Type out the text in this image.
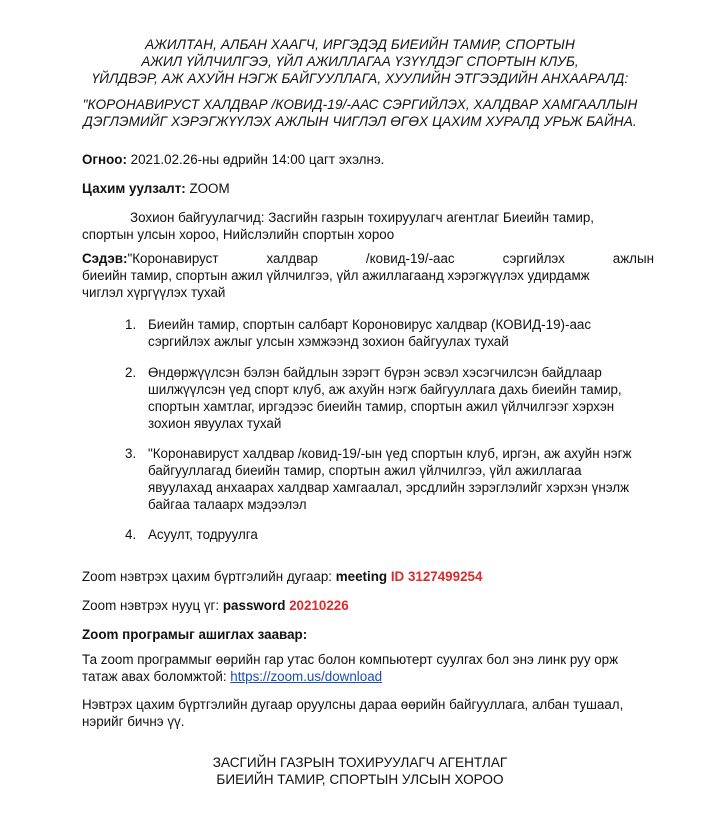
АЖИЛТАН, АЛБАН ХААГЧ, ИРГЭДЭД БИЕИЙН ТАМИР, СПОРТЫН
АЖИЛ ҮЙЛЧИЛГЭЭ, ҮЙЛ АЖИЛЛАГАА ҮЗҮҮЛДЭГ СПОРТЫН КЛУБ,
ҮЙЛДВЭР, АЖ АХУЙН НЭГЖ БАЙГУУЛЛАГА, ХУУЛИЙН ЭТГЭЭДИЙН АНХААРАЛД:
"КОРОНАВИРУСТ ХАЛДВАР /КОВИД-19/-ААС СЭРГИЙЛЭХ, ХАЛДВАР ХАМГААЛЛЫН
ДЭГЛЭМИЙГ ХЭРЭГЖҮҮЛЭХ АЖЛЫН ЧИГЛЭЛ ӨГӨХ ЦАХИМ ХУРАЛД УРЬЖ БАЙНА.
Огноо: 2021.02.26-ны өдрийн 14:00 цагт эхэлнэ.
Цахим уулзалт: ZOOM
Зохион байгуулагчид: Засгийн газрын тохируулагч агентлаг Биеийн тамир,
спортын улсын хороо, Нийслэлийн спортын хороо
Сэдэв:"Коронавируст	халдвар	/ковид-19/-аас	сэргийлэх	ажлын
биеийн тамир, спортын ажил үйлчилгээ, үйл ажиллагаанд хэрэгжүүлэх удирдамж
чиглэл хүргүүлэх тухай
1. Биеийн тамир, спортын салбарт Короновирус халдвар (КОВИД-19)-аас
сэргийлэх ажлыг улсын хэмжээнд зохион байгуулах тухай
2. Өндөржүүлсэн бэлэн байдлын зэрэгт бүрэн эсвэл хэсэгчилсэн байдлаар
шилжүүлсэн үед спорт клуб, аж ахуйн нэгж байгууллага дахь биеийн тамир,
спортын хамтлаг, иргэдээс биеийн тамир, спортын ажил үйлчилгээг хэрхэн
зохион явуулах тухай
3. "Коронавируст халдвар /ковид-19/-ын үед спортын клуб, иргэн, аж ахуйн нэгж
байгууллагад биеийн тамир, спортын ажил үйлчилгээ, үйл ажиллагаа
явуулахад анхаарах халдвар хамгаалал, эрсдлийн зэрэглэлийг хэрхэн үнэлж
байгаа талаарх мэдээлэл
4. Асуулт, тодруулга
Zoom нэвтрэх цахим бүртгэлийн дугаар: meeting ID 3127499254
Zoom нэвтрэх нууц үг: password 20210226
Zoom програмыг ашиглах заавар:
Та zoom программыг өөрийн гар утас болон компьютерт суулгах бол энэ линк руу орж
татаж авах боломжтой: https://zoom.us/download
Нэвтрэх цахим бүртгэлийн дугаар оруулсны дараа өөрийн байгууллага, албан тушаал,
нэрийг бичнэ үү.
ЗАСГИЙН ГАЗРЫН ТОХИРУУЛАГЧ АГЕНТЛАГ
БИЕИЙН ТАМИР, СПОРТЫН УЛСЫН ХОРОО
